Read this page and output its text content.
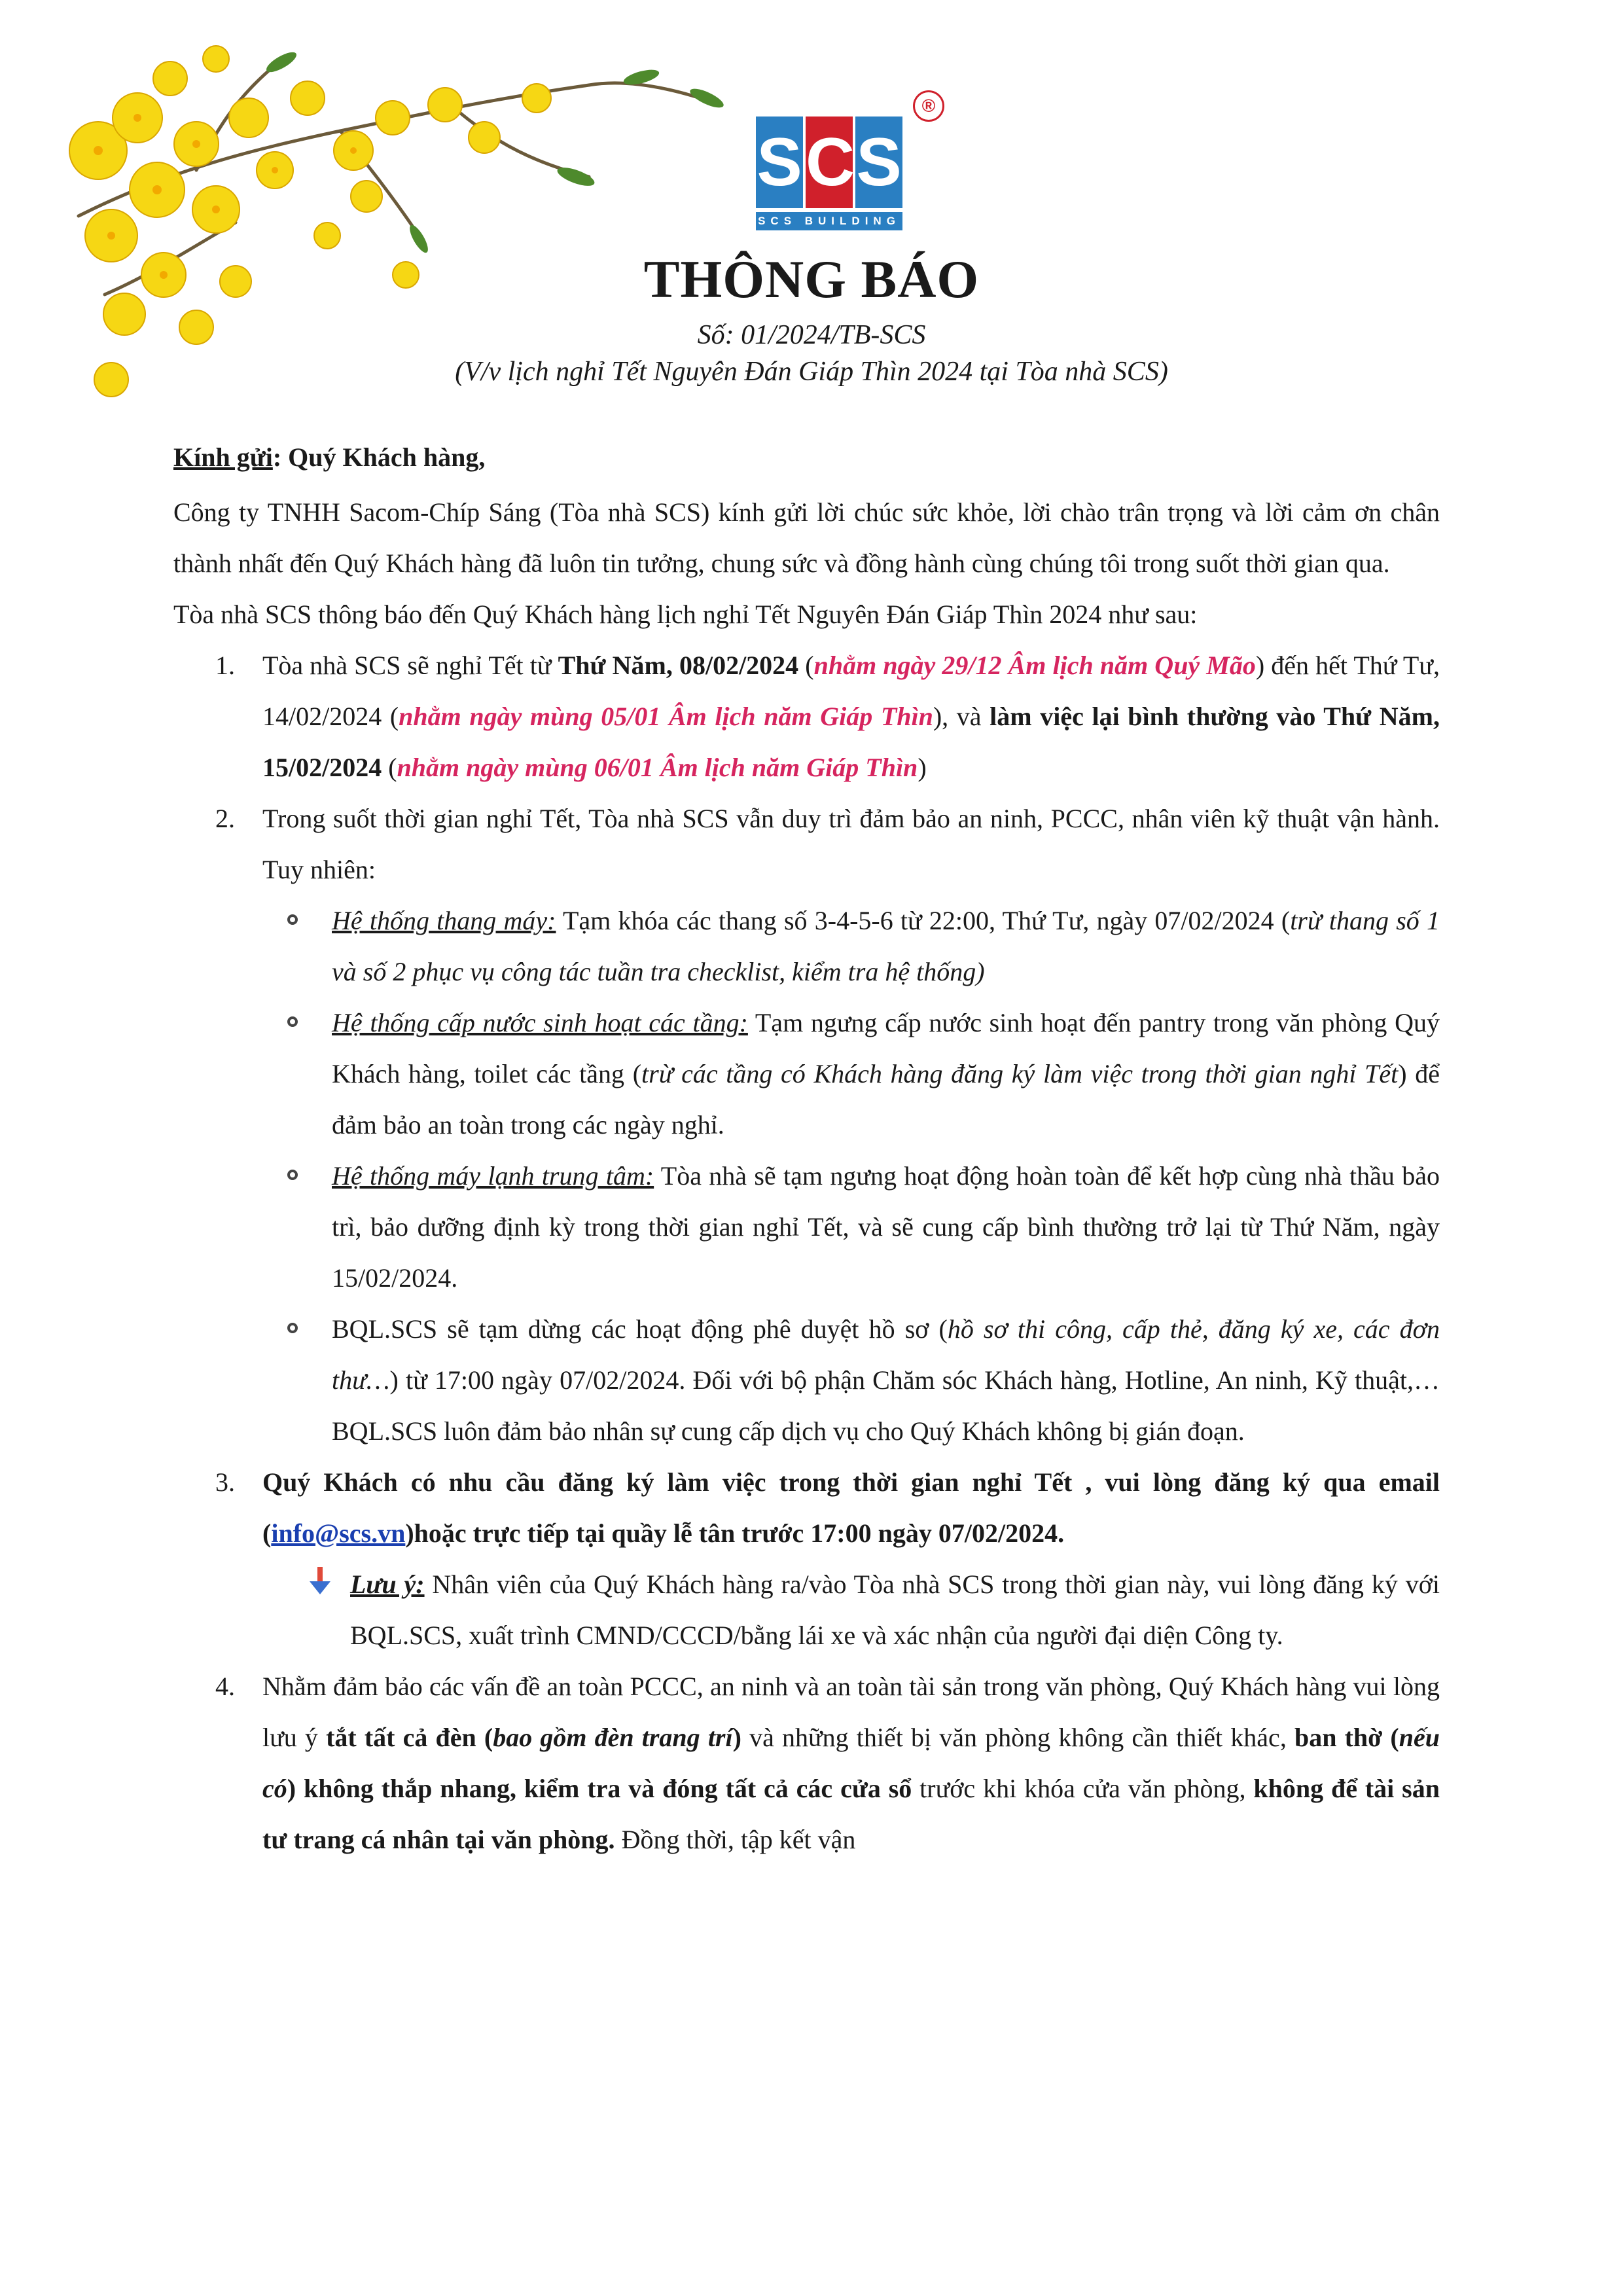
S C S
SCS BUILDING
®
THÔNG BÁO
Số: 01/2024/TB-SCS
(V/v lịch nghỉ Tết Nguyên Đán Giáp Thìn 2024 tại Tòa nhà SCS)

Kính gửi: Quý Khách hàng,

Công ty TNHH Sacom-Chíp Sáng (Tòa nhà SCS) kính gửi lời chúc sức khỏe, lời chào trân trọng và lời cảm ơn chân thành nhất đến Quý Khách hàng đã luôn tin tưởng, chung sức và đồng hành cùng chúng tôi trong suốt thời gian qua.

Tòa nhà SCS thông báo đến Quý Khách hàng lịch nghỉ Tết Nguyên Đán Giáp Thìn 2024 như sau:

1. Tòa nhà SCS sẽ nghỉ Tết từ Thứ Năm, 08/02/2024 (nhằm ngày 29/12 Âm lịch năm Quý Mão) đến hết Thứ Tư, 14/02/2024 (nhằm ngày mùng 05/01 Âm lịch năm Giáp Thìn), và làm việc lại bình thường vào Thứ Năm, 15/02/2024 (nhằm ngày mùng 06/01 Âm lịch năm Giáp Thìn)
2. Trong suốt thời gian nghỉ Tết, Tòa nhà SCS vẫn duy trì đảm bảo an ninh, PCCC, nhân viên kỹ thuật vận hành. Tuy nhiên:
Hệ thống thang máy: Tạm khóa các thang số 3-4-5-6 từ 22:00, Thứ Tư, ngày 07/02/2024 (trừ thang số 1 và số 2 phục vụ công tác tuần tra checklist, kiểm tra hệ thống)
Hệ thống cấp nước sinh hoạt các tầng: Tạm ngưng cấp nước sinh hoạt đến pantry trong văn phòng Quý Khách hàng, toilet các tầng (trừ các tầng có Khách hàng đăng ký làm việc trong thời gian nghỉ Tết) để đảm bảo an toàn trong các ngày nghỉ.
Hệ thống máy lạnh trung tâm: Tòa nhà sẽ tạm ngưng hoạt động hoàn toàn để kết hợp cùng nhà thầu bảo trì, bảo dưỡng định kỳ trong thời gian nghỉ Tết, và sẽ cung cấp bình thường trở lại từ Thứ Năm, ngày 15/02/2024.
BQL.SCS sẽ tạm dừng các hoạt động phê duyệt hồ sơ (hồ sơ thi công, cấp thẻ, đăng ký xe, các đơn thư…) từ 17:00 ngày 07/02/2024. Đối với bộ phận Chăm sóc Khách hàng, Hotline, An ninh, Kỹ thuật,… BQL.SCS luôn đảm bảo nhân sự cung cấp dịch vụ cho Quý Khách không bị gián đoạn.
3. Quý Khách có nhu cầu đăng ký làm việc trong thời gian nghỉ Tết , vui lòng đăng ký qua email (info@scs.vn)hoặc trực tiếp tại quầy lễ tân trước 17:00 ngày 07/02/2024.
Lưu ý: Nhân viên của Quý Khách hàng ra/vào Tòa nhà SCS trong thời gian này, vui lòng đăng ký với BQL.SCS, xuất trình CMND/CCCD/bằng lái xe và xác nhận của người đại diện Công ty.
4. Nhằm đảm bảo các vấn đề an toàn PCCC, an ninh và an toàn tài sản trong văn phòng, Quý Khách hàng vui lòng lưu ý tắt tất cả đèn (bao gồm đèn trang trí) và những thiết bị văn phòng không cần thiết khác, ban thờ (nếu có) không thắp nhang, kiểm tra và đóng tất cả các cửa sổ trước khi khóa cửa văn phòng, không để tài sản tư trang cá nhân tại văn phòng. Đồng thời, tập kết vận
